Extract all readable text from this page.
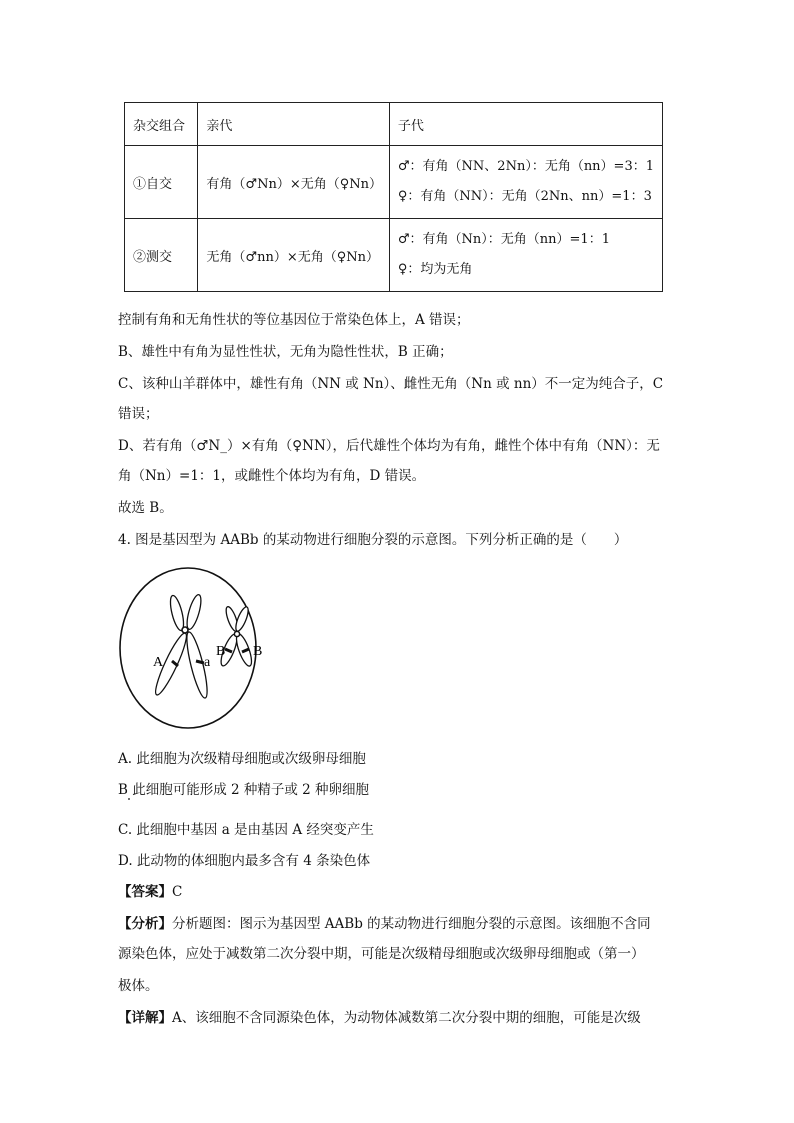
杂交组合	亲代	子代
①自交	有角（♂Nn）×无角（♀Nn）	♂：有角（NN、2Nn）：无角（nn）=3：1
♀：有角（NN）：无角（2Nn、nn）=1：3

②测交	无角（♂nn）×无角（♀Nn）	♂：有角（Nn）：无角（nn）=1：1
♀：均为无角
控制有角和无角性状的等位基因位于常染色体上，A 错误；
B、雄性中有角为显性性状，无角为隐性性状，B 正确；
C、该种山羊群体中，雄性有角（NN 或 Nn）、雌性无角（Nn 或 nn）不一定为纯合子，C
错误；
D、若有角（♂N_）×有角（♀NN），后代雄性个体均为有角，雌性个体中有角（NN）：无
角（Nn）=1：1，或雌性个体均为有角，D 错误。
故选 B。
4. 图是基因型为 AABb 的某动物进行细胞分裂的示意图。下列分析正确的是（　　）
A	a
B B
A. 此细胞为次级精母细胞或次级卵母细胞
B 此细胞可能形成 2 种精子或 2 种卵细胞
C. 此细胞中基因 a 是由基因 A 经突变产生
D. 此动物的体细胞内最多含有 4 条染色体
【答案】C
【分析】分析题图：图示为基因型 AABb 的某动物进行细胞分裂的示意图。该细胞不含同
源染色体，应处于减数第二次分裂中期，可能是次级精母细胞或次级卵母细胞或（第一）
极体。
【详解】A、该细胞不含同源染色体，为动物体减数第二次分裂中期的细胞，可能是次级
